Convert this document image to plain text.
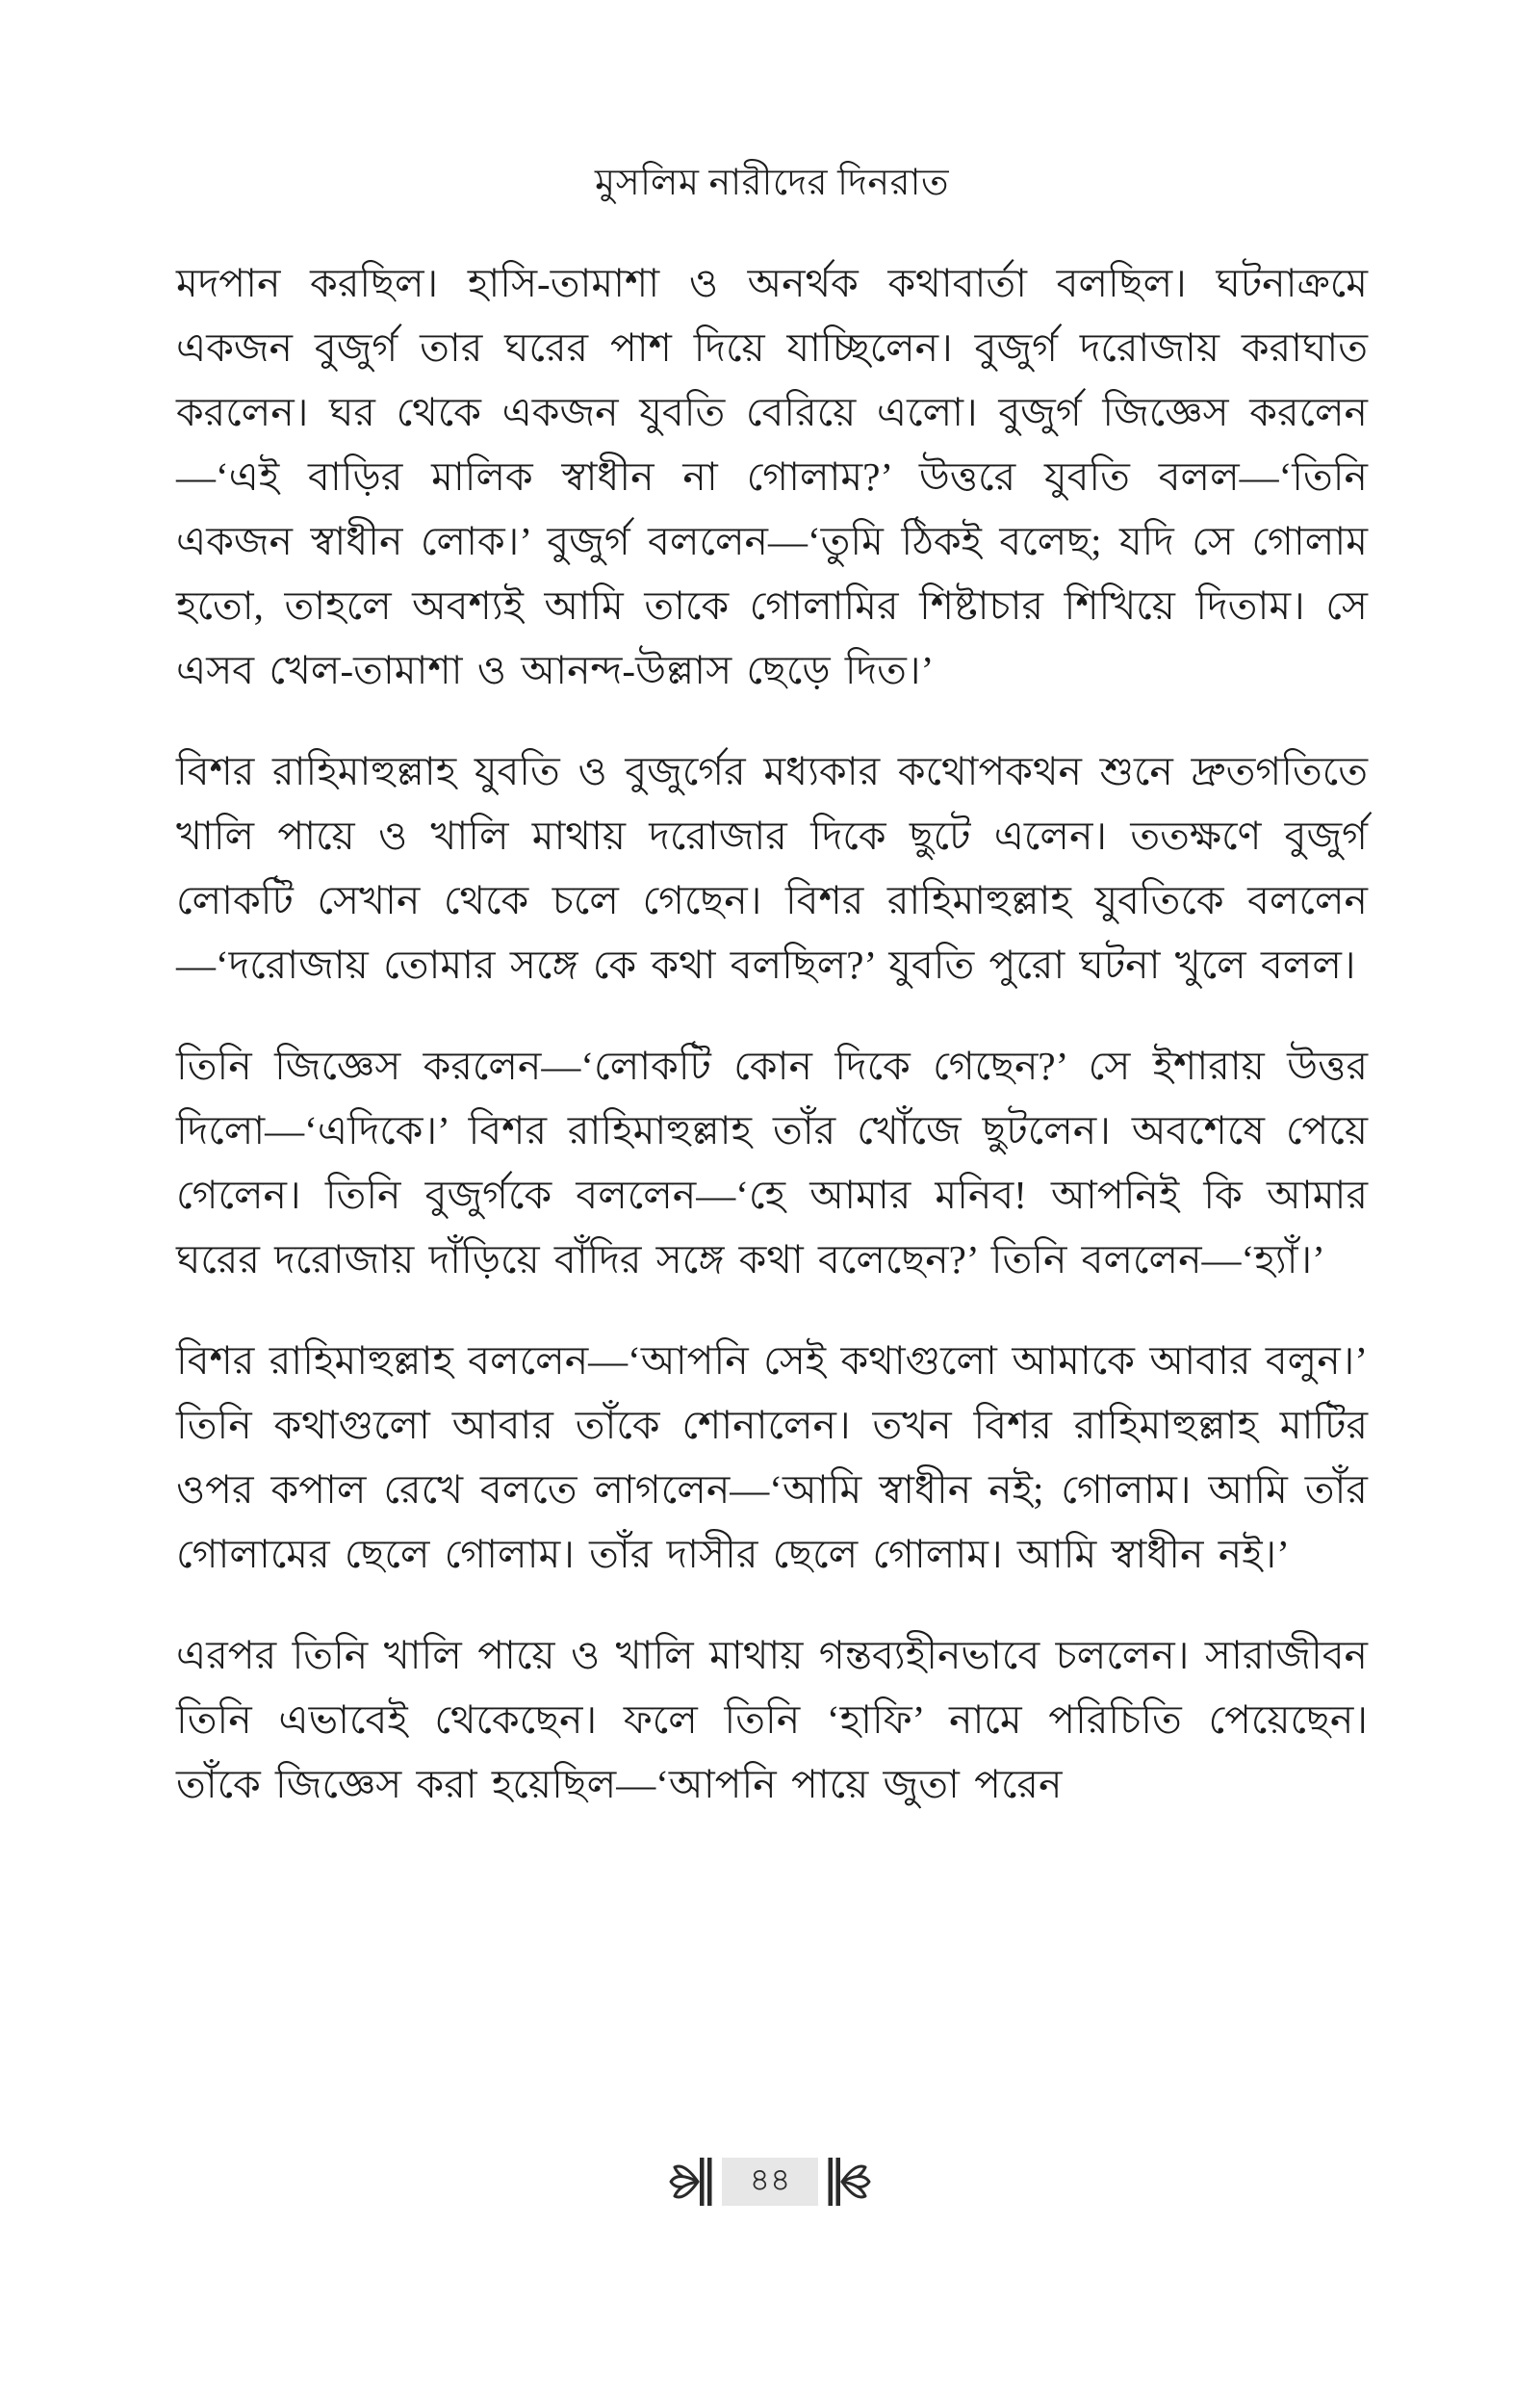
মুসলিম নারীদের দিনরাত

মদপান করছিল। হাসি-তামাশা ও অনর্থক কথাবার্তা বলছিল। ঘটনাক্রমে একজন বুজুর্গ তার ঘরের পাশ দিয়ে যাচ্ছিলেন। বুজুর্গ দরোজায় করাঘাত করলেন। ঘর থেকে একজন যুবতি বেরিয়ে এলো। বুজুর্গ জিজ্ঞেস করলেন—‘এই বাড়ির মালিক স্বাধীন না গোলাম?’ উত্তরে যুবতি বলল—‘তিনি একজন স্বাধীন লোক।’ বুজুর্গ বললেন—‘তুমি ঠিকই বলেছ; যদি সে গোলাম হতো, তাহলে অবশ্যই আমি তাকে গোলামির শিষ্টাচার শিখিয়ে দিতাম। সে এসব খেল-তামাশা ও আনন্দ-উল্লাস ছেড়ে দিত।’

বিশর রাহিমাহুল্লাহ যুবতি ও বুজুর্গের মধ্যকার কথোপকথন শুনে দ্রুতগতিতে খালি পায়ে ও খালি মাথায় দরোজার দিকে ছুটে এলেন। ততক্ষণে বুজুর্গ লোকটি সেখান থেকে চলে গেছেন। বিশর রাহিমাহুল্লাহ যুবতিকে বললেন—‘দরোজায় তোমার সঙ্গে কে কথা বলছিল?’ যুবতি পুরো ঘটনা খুলে বলল।

তিনি জিজ্ঞেস করলেন—‘লোকটি কোন দিকে গেছেন?’ সে ইশারায় উত্তর দিলো—‘এদিকে।’ বিশর রাহিমাহুল্লাহ তাঁর খোঁজে ছুটলেন। অবশেষে পেয়ে গেলেন। তিনি বুজুর্গকে বললেন—‘হে আমার মনিব! আপনিই কি আমার ঘরের দরোজায় দাঁড়িয়ে বাঁদির সঙ্গে কথা বলেছেন?’ তিনি বললেন—‘হ্যাঁ।’

বিশর রাহিমাহুল্লাহ বললেন—‘আপনি সেই কথাগুলো আমাকে আবার বলুন।’ তিনি কথাগুলো আবার তাঁকে শোনালেন। তখন বিশর রাহিমাহুল্লাহ মাটির ওপর কপাল রেখে বলতে লাগলেন—‘আমি স্বাধীন নই; গোলাম। আমি তাঁর গোলামের ছেলে গোলাম। তাঁর দাসীর ছেলে গোলাম। আমি স্বাধীন নই।’

এরপর তিনি খালি পায়ে ও খালি মাথায় গন্তব্যহীনভাবে চললেন। সারাজীবন তিনি এভাবেই থেকেছেন। ফলে তিনি ‘হাফি’ নামে পরিচিতি পেয়েছেন। তাঁকে জিজ্ঞেস করা হয়েছিল—‘আপনি পায়ে জুতা পরেন

৪৪
